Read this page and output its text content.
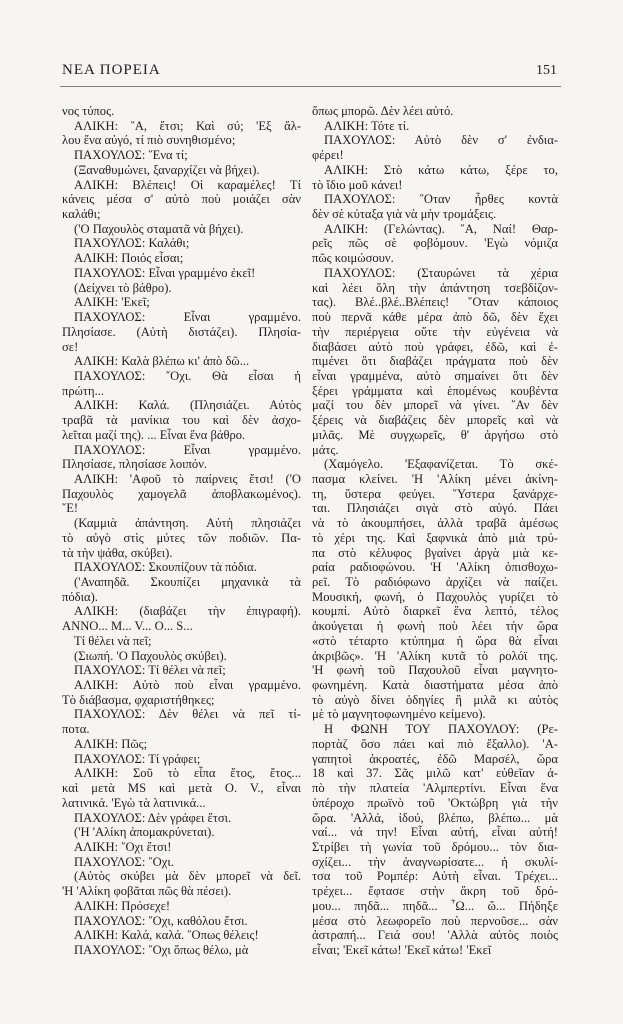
ΝΕΑ ΠΟΡΕΙΑ	151
νος τύπος.
ΑΛΙΚΗ: ῎Α, ἔτσι; Καὶ σύ; 'Εξ ἄλ-
λου ἕνα αὐγό, τί πιὸ συνηθισμένο;
ΠΑΧΟΥΛΟΣ: ῞Ενα τί;
(Ξαναθυμώνει, ξαναρχίζει νὰ βήχει).
ΑΛΙΚΗ: Βλέπεις! Οἱ καραμέλες! Τί
κάνεις μέσα σ' αὐτὸ ποὺ μοιάζει σὰν
καλάθι;
('Ο Παχουλὸς σταματᾶ νὰ βήχει).
ΠΑΧΟΥΛΟΣ: Καλάθι;
ΑΛΙΚΗ: Ποιός εἶσαι;
ΠΑΧΟΥΛΟΣ: Εἶναι γραμμένο ἐκεῖ!
(Δείχνει τὸ βάθρο).
ΑΛΙΚΗ: 'Εκεῖ;
ΠΑΧΟΥΛΟΣ: Εἶναι γραμμένο.
Πλησίασε. (Αὐτὴ διστάζει). Πλησία-
σε!
ΑΛΙΚΗ: Καλὰ βλέπω κι' ἀπὸ δῶ...
ΠΑΧΟΥΛΟΣ: ῎Οχι. Θὰ εἶσαι ἡ
πρώτη...
ΑΛΙΚΗ: Καλά. (Πλησιάζει. Αὐτὸς
τραβᾶ τὰ μανίκια του καὶ δὲν ἀσχο-
λεῖται μαζί της). ... Εἶναι ἕνα βάθρο.
ΠΑΧΟΥΛΟΣ: Εἶναι γραμμένο.
Πλησίασε, πλησίασε λοιπόν.
ΑΛΙΚΗ: 'Αφοῦ τὸ παίρνεις ἔτσι! ('Ο
Παχουλὸς χαμογελᾶ ἀποβλακωμένος).
῎Ε!
(Καμμιὰ ἀπάντηση. Αὐτὴ πλησιάζει
τὸ αὐγὸ στὶς μύτες τῶν ποδιῶν. Πα-
τὰ τὴν ψάθα, σκύβει).
ΠΑΧΟΥΛΟΣ: Σκουπίζουν τὰ πόδια.
('Αναπηδᾶ. Σκουπίζει μηχανικὰ τὰ
πόδια).
ΑΛΙΚΗ: (διαβάζει τὴν ἐπιγραφή).
ANNO... M... V... O... S...
Τί θέλει νὰ πεῖ;
(Σιωπή. 'Ο Παχουλὸς σκύβει).
ΠΑΧΟΥΛΟΣ: Τί θέλει νὰ πεῖ;
ΑΛΙΚΗ: Αὐτὸ ποὺ εἶναι γραμμένο.
Τὸ διάβασμα, φχαριστήθηκες;
ΠΑΧΟΥΛΟΣ: Δὲν θέλει νὰ πεῖ τί-
ποτα.
ΑΛΙΚΗ: Πῶς;
ΠΑΧΟΥΛΟΣ: Τί γράφει;
ΑΛΙΚΗ: Σοῦ τὸ εἶπα ἔτος, ἔτος...
καὶ μετὰ MS καὶ μετὰ O. V., εἶναι
λατινικά. 'Εγὼ τὰ λατινικά...
ΠΑΧΟΥΛΟΣ: Δὲν γράφει ἔτσι.
('Η 'Αλίκη ἀπομακρύνεται).
ΑΛΙΚΗ: ῎Οχι ἔτσι!
ΠΑΧΟΥΛΟΣ: ῎Οχι.
(Αὐτὸς σκύβει μὰ δὲν μπορεῖ νὰ δεῖ.
'Η 'Αλίκη φοβᾶται πῶς θὰ πέσει).
ΑΛΙΚΗ: Πρόσεχε!
ΠΑΧΟΥΛΟΣ: ῎Οχι, καθόλου ἔτσι.
ΑΛΙΚΗ: Καλά, καλά. ῞Οπως θέλεις!
ΠΑΧΟΥΛΟΣ: ῎Οχι ὅπως θέλω, μὰ
ὅπως μπορῶ. Δὲν λέει αὐτό.
ΑΛΙΚΗ: Τότε τί.
ΠΑΧΟΥΛΟΣ: Αὐτὸ δὲν σ' ἐνδια-
φέρει!
ΑΛΙΚΗ: Στὸ κάτω κάτω, ξέρε το,
τὸ ἴδιο μοῦ κάνει!
ΠΑΧΟΥΛΟΣ: ῞Οταν ἦρθες κοντὰ
δὲν σὲ κύταξα γιὰ νὰ μὴν τρομάξεις.
ΑΛΙΚΗ: (Γελώντας). ῎Α, Ναί! Θαρ-
ρεῖς πῶς σὲ φοβόμουν. 'Εγὼ νόμιζα
πῶς κοιμώσουν.
ΠΑΧΟΥΛΟΣ: (Σταυρώνει τὰ χέρια
καὶ λέει ὅλη τὴν ἀπάντηση τσεβδίζον-
τας). Βλέ..βλέ..Βλέπεις! ῞Οταν κάποιος
ποὺ περνᾶ κάθε μέρα ἀπὸ δῶ, δὲν ἔχει
τὴν περιέργεια οὔτε τὴν εὐγένεια νὰ
διαβάσει αὐτὸ ποὺ γράφει, ἐδῶ, καὶ ἐ-
πιμένει ὅτι διαβάζει πράγματα ποὺ δὲν
εἶναι γραμμένα, αὐτὸ σημαίνει ὅτι δὲν
ξέρει γράμματα καὶ ἑπομένως κουβέντα
μαζί του δὲν μπορεῖ νὰ γίνει. ῎Αν δὲν
ξέρεις νὰ διαβάζεις δὲν μπορεῖς καὶ νὰ
μιλᾶς. Μὲ συγχωρεῖς, θ' ἀργήσω στὸ
μάτς.
(Χαμόγελο. 'Εξαφανίζεται. Τὸ σκέ-
πασμα κλείνει. 'Η 'Αλίκη μένει ἀκίνη-
τη, ὕστερα φεύγει. ῞Υστερα ξανάρχε-
ται. Πλησιάζει σιγὰ στὸ αὐγό. Πάει
νὰ τὸ ἀκουμπήσει, ἀλλὰ τραβᾶ ἀμέσως
τὸ χέρι της. Καὶ ξαφνικὰ ἀπὸ μιὰ τρύ-
πα στὸ κέλυφος βγαίνει ἀργὰ μιὰ κε-
ραία ραδιοφώνου. 'Η 'Αλίκη ὀπισθοχω-
ρεῖ. Τὸ ραδιόφωνο ἀρχίζει νὰ παίζει.
Μουσική, φωνή, ὁ Παχουλὸς γυρίζει τὸ
κουμπί. Αὐτὸ διαρκεῖ ἕνα λεπτό, τέλος
ἀκούγεται ἡ φωνὴ ποὺ λέει τὴν ὥρα
«στὸ τέταρτο κτύπημα ἡ ὥρα θὰ εἶναι
ἀκριβῶς». 'Η 'Αλίκη κυτᾶ τὸ ρολόϊ της.
'Η φωνὴ τοῦ Παχουλοῦ εἶναι μαγνητο-
φωνημένη. Κατὰ διαστήματα μέσα ἀπὸ
τὸ αὐγὸ δίνει ὁδηγίες ἢ μιλᾶ κι αὐτὸς
μὲ τὸ μαγνητοφωνημένο κείμενο).
Η ΦΩΝΗ ΤΟΥ ΠΑΧΟΥΛΟΥ: (Ρε-
πορτὰζ ὅσο πάει καὶ πιὸ ἔξαλλο). 'Α-
γαπητοὶ ἀκροατές, ἐδῶ Μαρσέλ, ὥρα
18 καὶ 37. Σᾶς μιλῶ κατ' εὐθεῖαν ἀ-
πὸ τὴν πλατεία 'Αλμπερτίνι. Εἶναι ἕνα
ὑπέροχο πρωϊνὸ τοῦ 'Οκτώβρη γιὰ τὴν
ὥρα. 'Αλλά, ἰδού, βλέπω, βλέπω... μὰ
ναί... νά την! Εἶναι αὐτή, εἶναι αὐτή!
Στρίβει τὴ γωνία τοῦ δρόμου... τὸν δια-
σχίζει... τὴν ἀναγνωρίσατε... ἡ σκυλί-
τσα τοῦ Ρομπέρ: Αὐτὴ εἶναι. Τρέχει...
τρέχει... ἔφτασε στὴν ἄκρη τοῦ δρό-
μου... πηδᾶ... πηδᾶ... ῏Ω... ὤ... Πήδηξε
μέσα στὸ λεωφορεῖο ποὺ περνοῦσε... σὰν
ἀστραπή... Γειά σου! 'Αλλὰ αὐτὸς ποιὸς
εἶναι; 'Εκεῖ κάτω! 'Εκεῖ κάτω! 'Εκεῖ
